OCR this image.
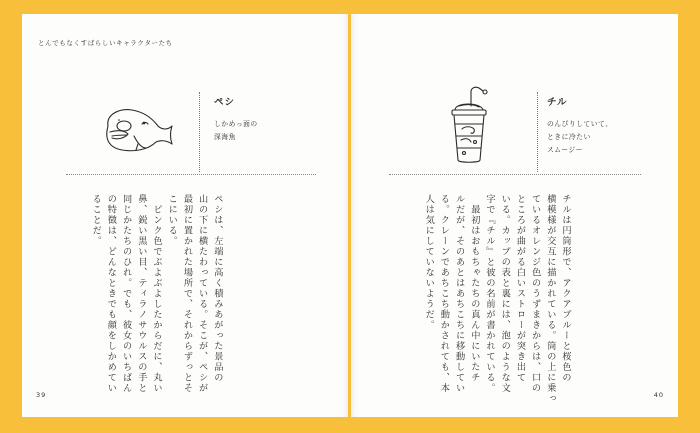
とんでもなくすばらしいキャラクターたち
ペシ
しかめっ面の
深海魚
ペシは、左端に高く積みあがった景品の
山の下に横たわっている。そこが、ペシが
最初に置かれた場所で、それからずっとそ
こにいる。
　ピンク色でぶよぶよしたからだに、丸い
鼻、鋭い黒い目、ティラノサウルスの手と
同じかたちのひれ。でも、彼女のいちばん
の特徴は、どんなときでも顔をしかめてい
ることだ。
39
チル
のんびりしていて、
ときに冷たい
スムージー
チルは円筒形で、アクアブルーと桜色の
横模様が交互に描かれている。筒の上に乗っ
ているオレンジ色のうずまきからは、口の
ところが曲がる白いストローが突き出て
いる。カップの表と裏には、泡のような文
字で『チル』と彼の名前が書かれている。
　最初はおもちゃたちの真ん中にいたチ
ルだが、そのあとはあちこちに移動してい
る。クレーンであちこち動かされても、本
人は気にしていないようだ。
40
